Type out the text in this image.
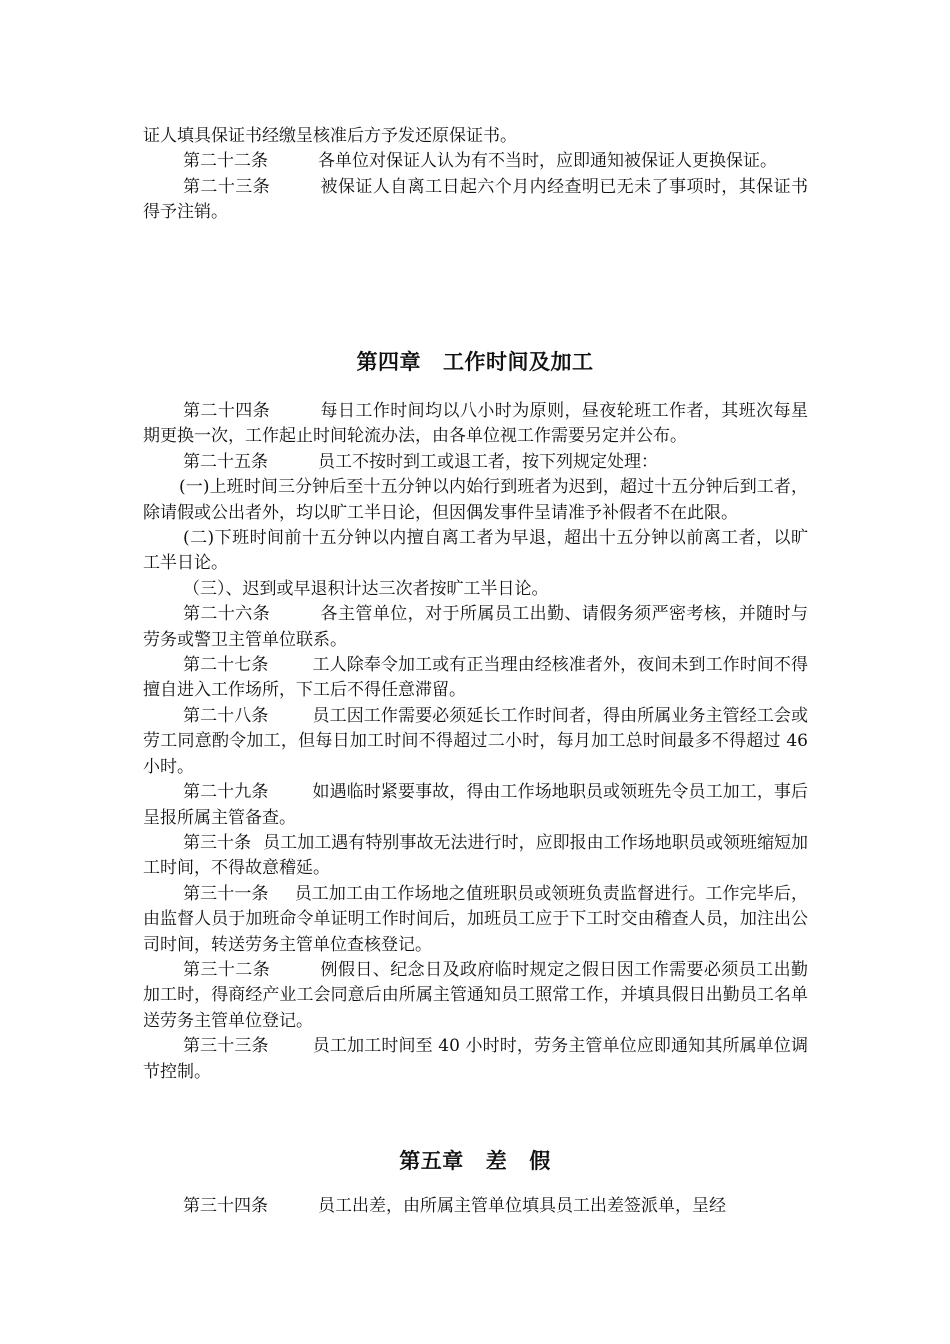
证人填具保证书经缴呈核准后方予发还原保证书。

第二十二条	各单位对保证人认为有不当时，应即通知被保证人更换保证。

第二十三条	被保证人自离工日起六个月内经查明已无未了事项时，其保证书得予注销。

第四章 工作时间及加工

第二十四条	每日工作时间均以八小时为原则，昼夜轮班工作者，其班次每星期更换一次，工作起止时间轮流办法，由各单位视工作需要另定并公布。

第二十五条	员工不按时到工或退工者，按下列规定处理：

(一)上班时间三分钟后至十五分钟以内始行到班者为迟到，超过十五分钟后到工者，除请假或公出者外，均以旷工半日论，但因偶发事件呈请准予补假者不在此限。

(二)下班时间前十五分钟以内擅自离工者为早退，超出十五分钟以前离工者，以旷工半日论。

（三）、迟到或早退积计达三次者按旷工半日论。

第二十六条	各主管单位，对于所属员工出勤、请假务须严密考核，并随时与劳务或警卫主管单位联系。

第二十七条	工人除奉令加工或有正当理由经核准者外，夜间未到工作时间不得擅自进入工作场所，下工后不得任意滞留。

第二十八条	员工因工作需要必须延长工作时间者，得由所属业务主管经工会或劳工同意酌令加工，但每日加工时间不得超过二小时，每月加工总时间最多不得超过 46 小时。

第二十九条	如遇临时紧要事故，得由工作场地职员或领班先令员工加工，事后呈报所属主管备查。

第三十条 员工加工遇有特别事故无法进行时，应即报由工作场地职员或领班缩短加工时间，不得故意稽延。

第三十一条 员工加工由工作场地之值班职员或领班负责监督进行。工作完毕后，由监督人员于加班命令单证明工作时间后，加班员工应于下工时交由稽查人员，加注出公司时间，转送劳务主管单位查核登记。

第三十二条	例假日、纪念日及政府临时规定之假日因工作需要必须员工出勤加工时，得商经产业工会同意后由所属主管通知员工照常工作，并填具假日出勤员工名单送劳务主管单位登记。

第三十三条	员工加工时间至 40 小时时，劳务主管单位应即通知其所属单位调节控制。

第五章 差 假

第三十四条	员工出差，由所属主管单位填具员工出差签派单，呈经
